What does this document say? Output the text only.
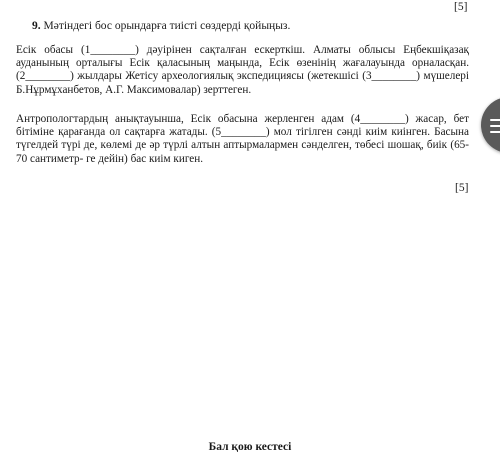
[5]
9. Мәтіндегі бос орындарға тиісті сөздерді қойыңыз.

Есік обасы (1________) дәуірінен сақталған ескерткіш. Алматы облысы Еңбекшіқазақ ауданының орталығы Есік қаласының маңында, Есік өзенінің жағалауында орналасқан. (2________) жылдары Жетісу археологиялық экспедициясы (жетекшісі (3________) мүшелері Б.Нұрмұханбетов, А.Г. Максимовалар) зерттеген.

Антропологтардың анықтауынша, Есік обасына жерленген адам (4________) жасар, бет бітіміне қарағанда ол сақтарға жатады. (5________) мол тігілген сәнді киім киінген. Басына түгелдей түрі де, көлемі де әр түрлі алтын аптырмалармен сәнделген, төбесі шошақ, биік (65-70 сантиметр- ге дейін) бас киім киген.

[5]
Бал қою кестесі
